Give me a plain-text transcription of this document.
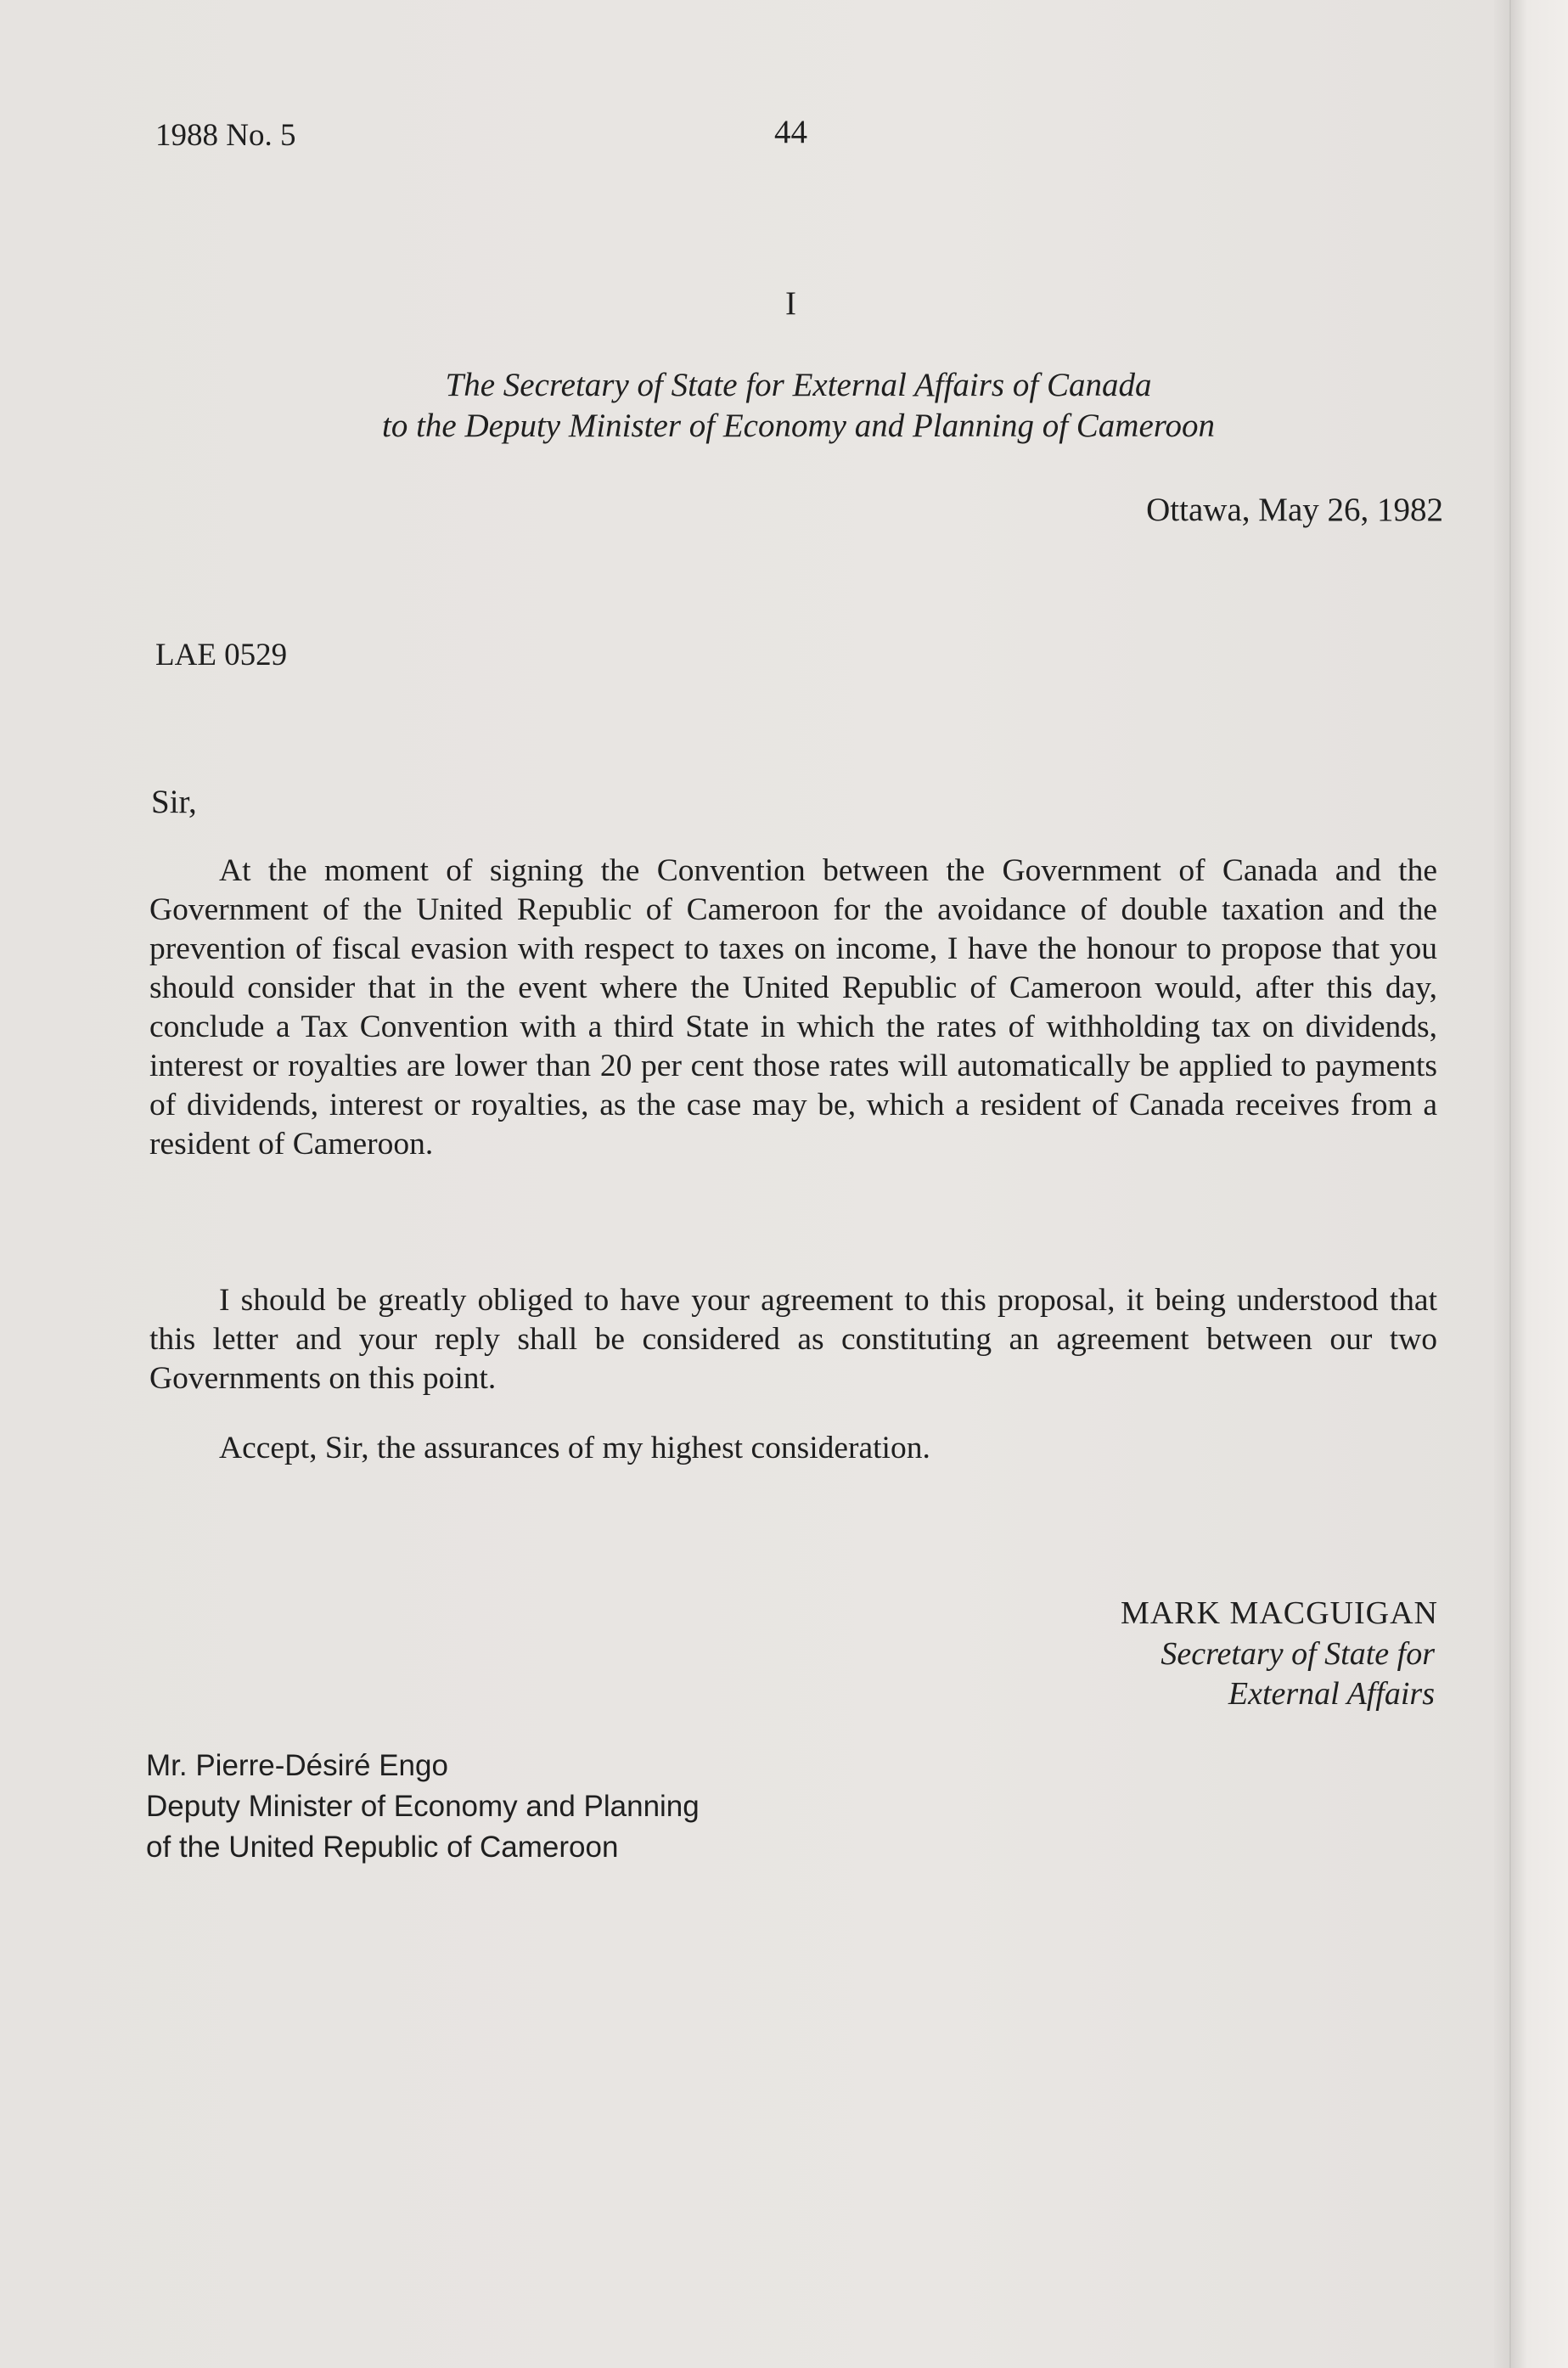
1988 No. 5	44
I
The Secretary of State for External Affairs of Canada
to the Deputy Minister of Economy and Planning of Cameroon
Ottawa, May 26, 1982
LAE 0529
Sir,
At the moment of signing the Convention between the Government of Canada and the Government of the United Republic of Cameroon for the avoidance of double taxation and the prevention of fiscal evasion with respect to taxes on income, I have the honour to propose that you should consider that in the event where the United Republic of Cameroon would, after this day, conclude a Tax Convention with a third State in which the rates of withholding tax on dividends, interest or royalties are lower than 20 per cent those rates will automatically be applied to payments of dividends, interest or royalties, as the case may be, which a resident of Canada receives from a resident of Cameroon.
I should be greatly obliged to have your agreement to this proposal, it being understood that this letter and your reply shall be considered as constituting an agreement between our two Governments on this point.
Accept, Sir, the assurances of my highest consideration.
MARK MACGUIGAN
Secretary of State for
External Affairs
Mr. Pierre-Désiré Engo
Deputy Minister of Economy and Planning
of the United Republic of Cameroon
